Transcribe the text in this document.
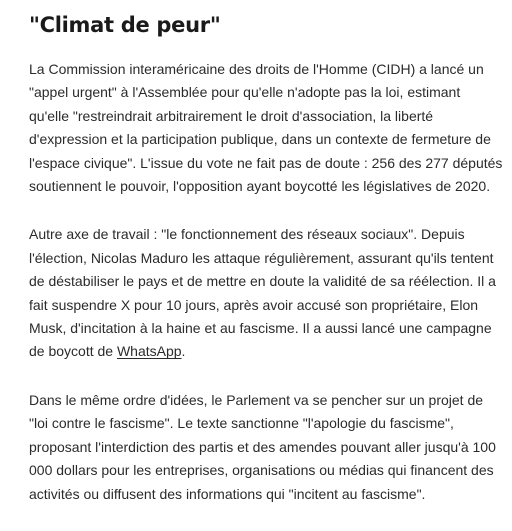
"Climat de peur"

La Commission interaméricaine des droits de l'Homme (CIDH) a lancé un "appel urgent" à l'Assemblée pour qu'elle n'adopte pas la loi, estimant qu'elle "restreindrait arbitrairement le droit d'association, la liberté d'expression et la participation publique, dans un contexte de fermeture de l'espace civique". L'issue du vote ne fait pas de doute : 256 des 277 députés soutiennent le pouvoir, l'opposition ayant boycotté les législatives de 2020.

Autre axe de travail : "le fonctionnement des réseaux sociaux". Depuis l'élection, Nicolas Maduro les attaque régulièrement, assurant qu'ils tentent de déstabiliser le pays et de mettre en doute la validité de sa réélection. Il a fait suspendre X pour 10 jours, après avoir accusé son propriétaire, Elon Musk, d'incitation à la haine et au fascisme. Il a aussi lancé une campagne de boycott de WhatsApp.

Dans le même ordre d'idées, le Parlement va se pencher sur un projet de "loi contre le fascisme". Le texte sanctionne "l'apologie du fascisme", proposant l'interdiction des partis et des amendes pouvant aller jusqu'à 100 000 dollars pour les entreprises, organisations ou médias qui financent des activités ou diffusent des informations qui "incitent au fascisme".
